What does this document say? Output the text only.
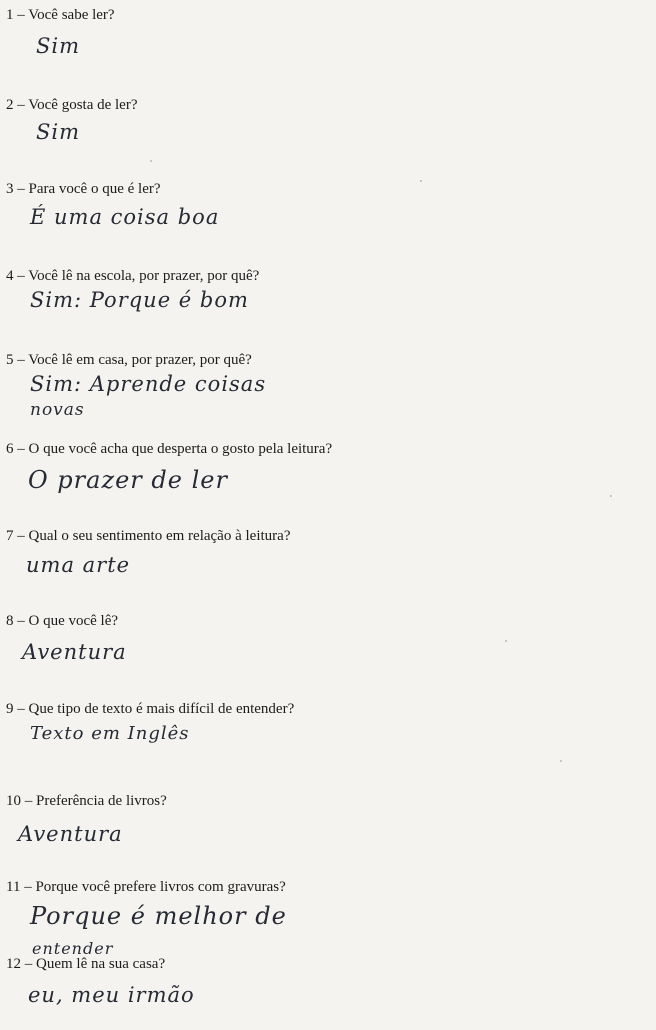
1 – Você sabe ler?
Sim
2 – Você gosta de ler?
Sim
3 – Para você o que é ler?
É uma coisa boa
4 – Você lê na escola, por prazer, por quê?
Sim: Porque é bom
5 – Você lê em casa, por prazer, por quê?
Sim: Aprende coisas
novas
6 – O que você acha que desperta o gosto pela leitura?
O prazer de ler
7 – Qual o seu sentimento em relação à leitura?
uma arte
8 – O que você lê?
Aventura
9 – Que tipo de texto é mais difícil de entender?
Texto em Inglês
10 – Preferência de livros?
Aventura
11 – Porque você prefere livros com gravuras?
Porque é melhor de
entender
12 – Quem lê na sua casa?
eu, meu irmão
